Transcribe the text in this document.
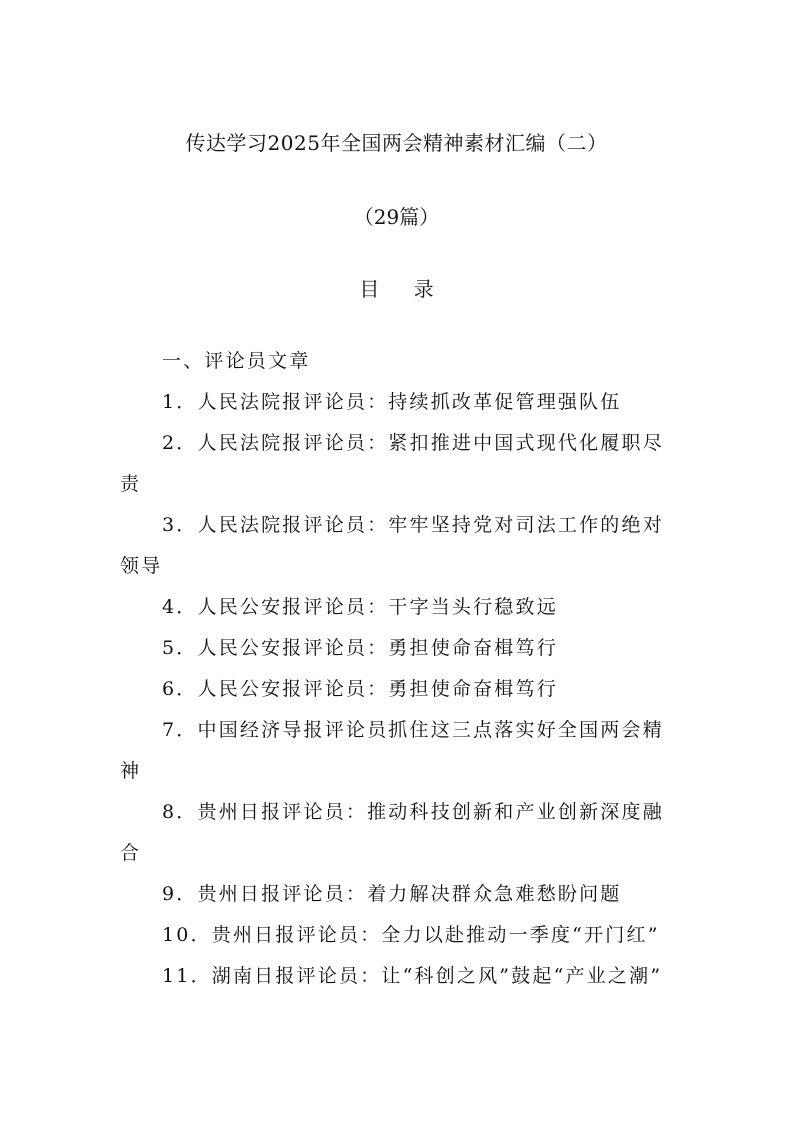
传达学习2025年全国两会精神素材汇编（二）
（29篇）
目 录

一、评论员文章

1．人民法院报评论员：持续抓改革促管理强队伍

2．人民法院报评论员：紧扣推进中国式现代化履职尽责

3．人民法院报评论员：牢牢坚持党对司法工作的绝对领导

4．人民公安报评论员：干字当头行稳致远

5．人民公安报评论员：勇担使命奋楫笃行

6．人民公安报评论员：勇担使命奋楫笃行

7．中国经济导报评论员抓住这三点落实好全国两会精神

8．贵州日报评论员：推动科技创新和产业创新深度融合

9．贵州日报评论员：着力解决群众急难愁盼问题

10．贵州日报评论员：全力以赴推动一季度“开门红”

11．湖南日报评论员：让“科创之风”鼓起“产业之潮”
